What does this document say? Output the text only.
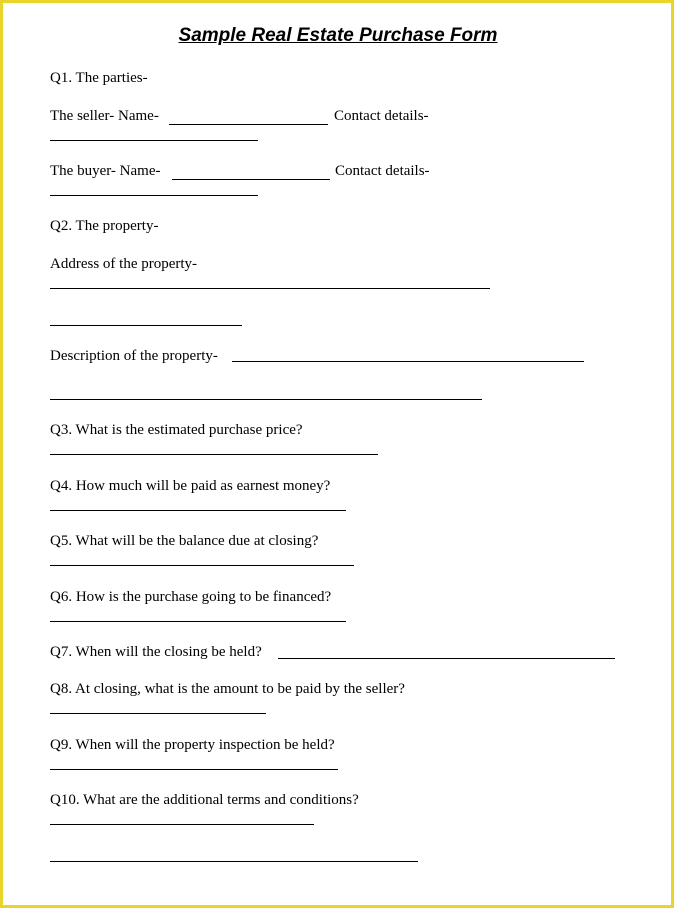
Sample Real Estate Purchase Form
Q1. The parties-
The seller- Name-	Contact details-
The buyer- Name-	Contact details-
Q2. The property-
Address of the property-
Description of the property-
Q3. What is the estimated purchase price?
Q4. How much will be paid as earnest money?
Q5. What will be the balance due at closing?
Q6. How is the purchase going to be financed?
Q7. When will the closing be held?
Q8. At closing, what is the amount to be paid by the seller?
Q9. When will the property inspection be held?
Q10. What are the additional terms and conditions?
